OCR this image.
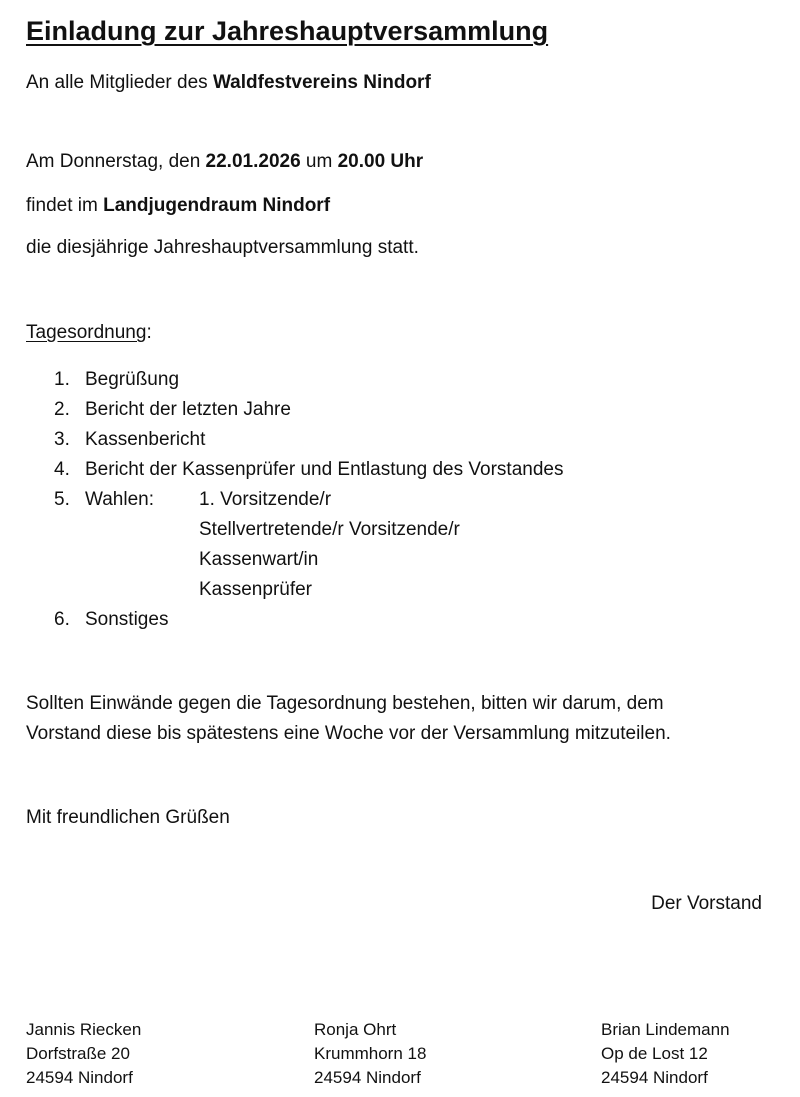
Einladung zur Jahreshauptversammlung
An alle Mitglieder des Waldfestvereins Nindorf
Am Donnerstag, den 22.01.2026 um 20.00 Uhr
findet im Landjugendraum Nindorf
die diesjährige Jahreshauptversammlung statt.
Tagesordnung:
1. Begrüßung
2. Bericht der letzten Jahre
3. Kassenbericht
4. Bericht der Kassenprüfer und Entlastung des Vorstandes
5. Wahlen:	1. Vorsitzende/r
Stellvertretende/r Vorsitzende/r
Kassenwart/in
Kassenprüfer
6. Sonstiges
Sollten Einwände gegen die Tagesordnung bestehen, bitten wir darum, dem
Vorstand diese bis spätestens eine Woche vor der Versammlung mitzuteilen.
Mit freundlichen Grüßen
Der Vorstand
Jannis Riecken
Dorfstraße 20
24594 Nindorf
Ronja Ohrt
Krummhorn 18
24594 Nindorf
Brian Lindemann
Op de Lost 12
24594 Nindorf
